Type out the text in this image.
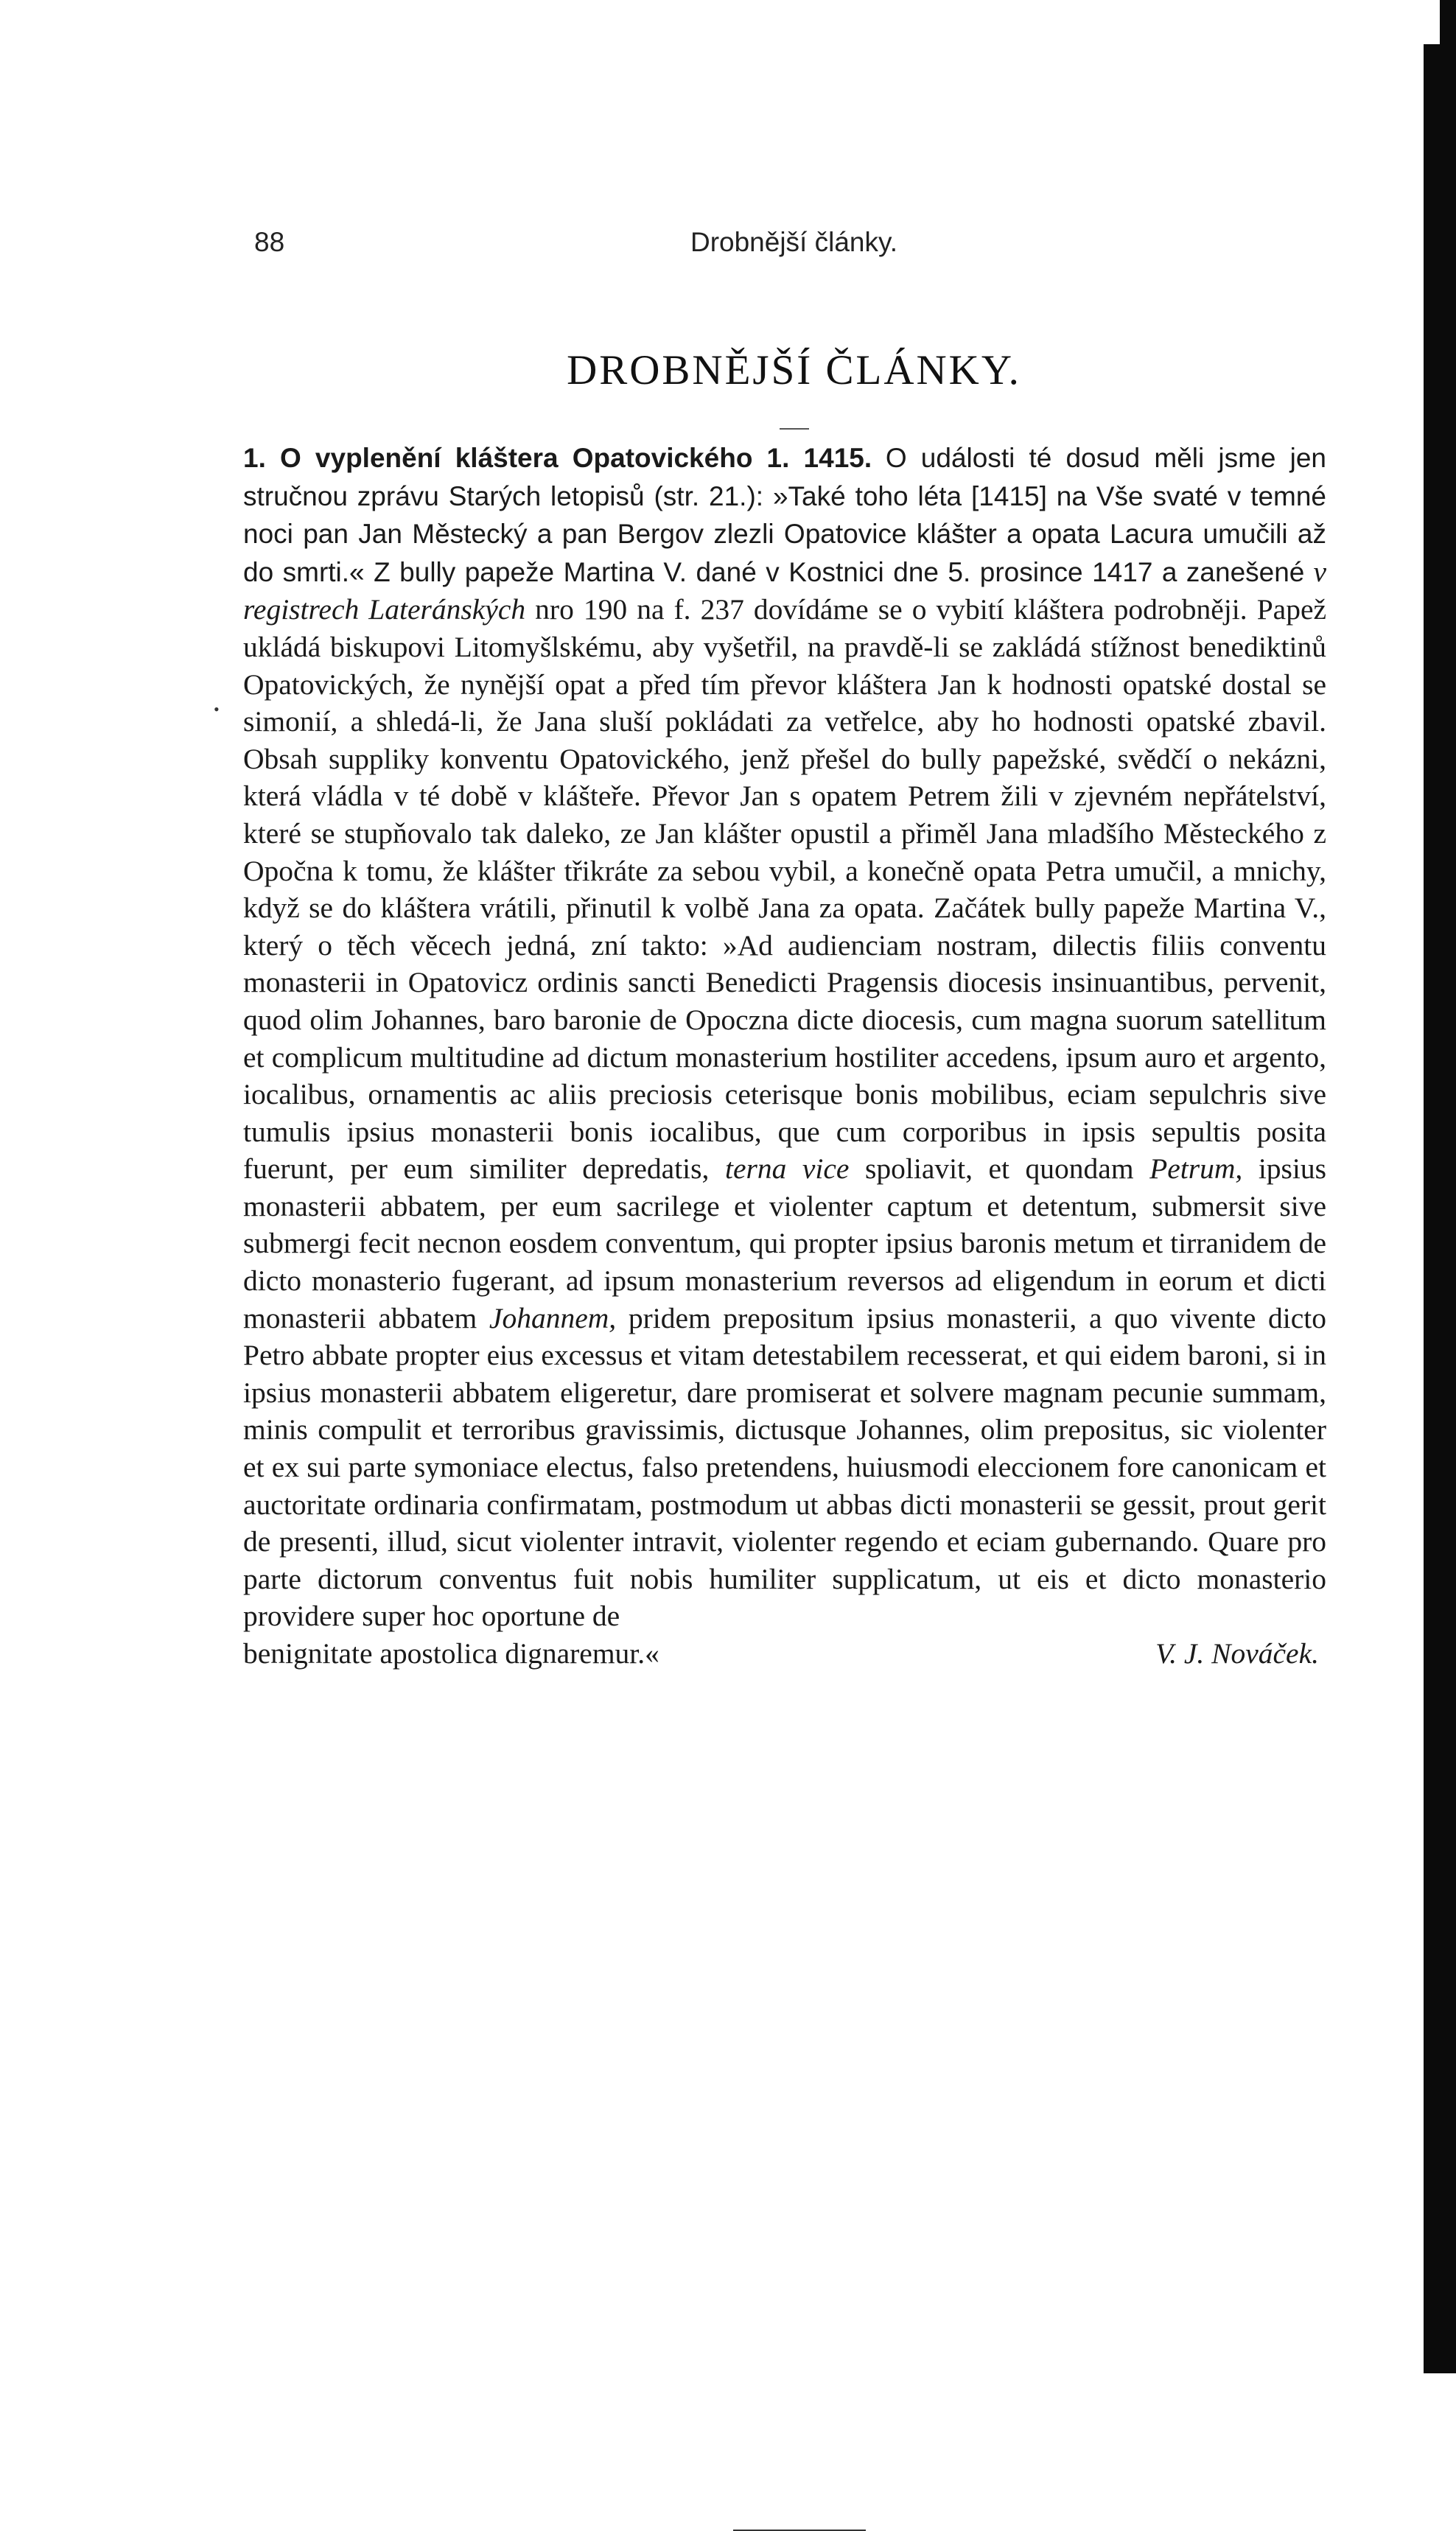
88	Drobnější články.
DROBNĚJŠÍ ČLÁNKY.
•
1. O vyplenění kláštera Opatovického 1. 1415. O události té dosud měli jsme jen stručnou zprávu Starých letopisů (str. 21.): »Také toho léta [1415] na Vše svaté v temné noci pan Jan Městecký a pan Bergov zlezli Opatovice klášter a opata Lacura umučili až do smrti.« Z bully papeže Martina V. dané v Kostnici dne 5. prosince 1417 a zanešené v registrech Lateránských nro 190 na f. 237 dovídáme se o vybití kláštera podrobněji. Papež ukládá biskupovi Litomyšlskému, aby vyšetřil, na pravdě-li se zakládá stížnost benediktinů Opatovických, že nynější opat a před tím převor kláštera Jan k hodnosti opatské dostal se simonií, a shledá-li, že Jana sluší pokládati za vetřelce, aby ho hodnosti opatské zbavil. Obsah suppliky konventu Opatovického, jenž přešel do bully papežské, svědčí o nekázni, která vládla v té době v klášteře. Převor Jan s opatem Petrem žili v zjevném nepřátelství, které se stupňovalo tak daleko, ze Jan klášter opustil a přiměl Jana mladšího Městeckého z Opočna k tomu, že klášter třikráte za sebou vybil, a konečně opata Petra umučil, a mnichy, když se do kláštera vrátili, přinutil k volbě Jana za opata. Začátek bully papeže Martina V., který o těch věcech jedná, zní takto: »Ad audienciam nostram, dilectis filiis conventu monasterii in Opatovicz ordinis sancti Benedicti Pragensis diocesis insinuantibus, pervenit, quod olim Johannes, baro baronie de Opoczna dicte diocesis, cum magna suorum satellitum et complicum multitudine ad dictum monasterium hostiliter accedens, ipsum auro et argento, iocalibus, ornamentis ac aliis preciosis ceterisque bonis mobilibus, eciam sepulchris sive tumulis ipsius monasterii bonis iocalibus, que cum corporibus in ipsis sepultis posita fuerunt, per eum similiter depredatis, terna vice spoliavit, et quondam Petrum, ipsius monasterii abbatem, per eum sacrilege et violenter captum et detentum, submersit sive submergi fecit necnon eosdem conventum, qui propter ipsius baronis metum et tirranidem de dicto monasterio fugerant, ad ipsum monasterium reversos ad eligendum in eorum et dicti monasterii abbatem Johannem, pridem prepositum ipsius monasterii, a quo vivente dicto Petro abbate propter eius excessus et vitam detestabilem recesserat, et qui eidem baroni, si in ipsius monasterii abbatem eligeretur, dare promiserat et solvere magnam pecunie summam, minis compulit et terroribus gravissimis, dictusque Johannes, olim prepositus, sic violenter et ex sui parte symoniace electus, falso pretendens, huiusmodi eleccionem fore canonicam et auctoritate ordinaria confirmatam, postmodum ut abbas dicti monasterii se gessit, prout gerit de presenti, illud, sicut violenter intravit, violenter regendo et eciam gubernando. Quare pro parte dictorum conventus fuit nobis humiliter supplicatum, ut eis et dicto monasterio providere super hoc oportune de
benignitate apostolica dignaremur.«	V. J. Nováček.
